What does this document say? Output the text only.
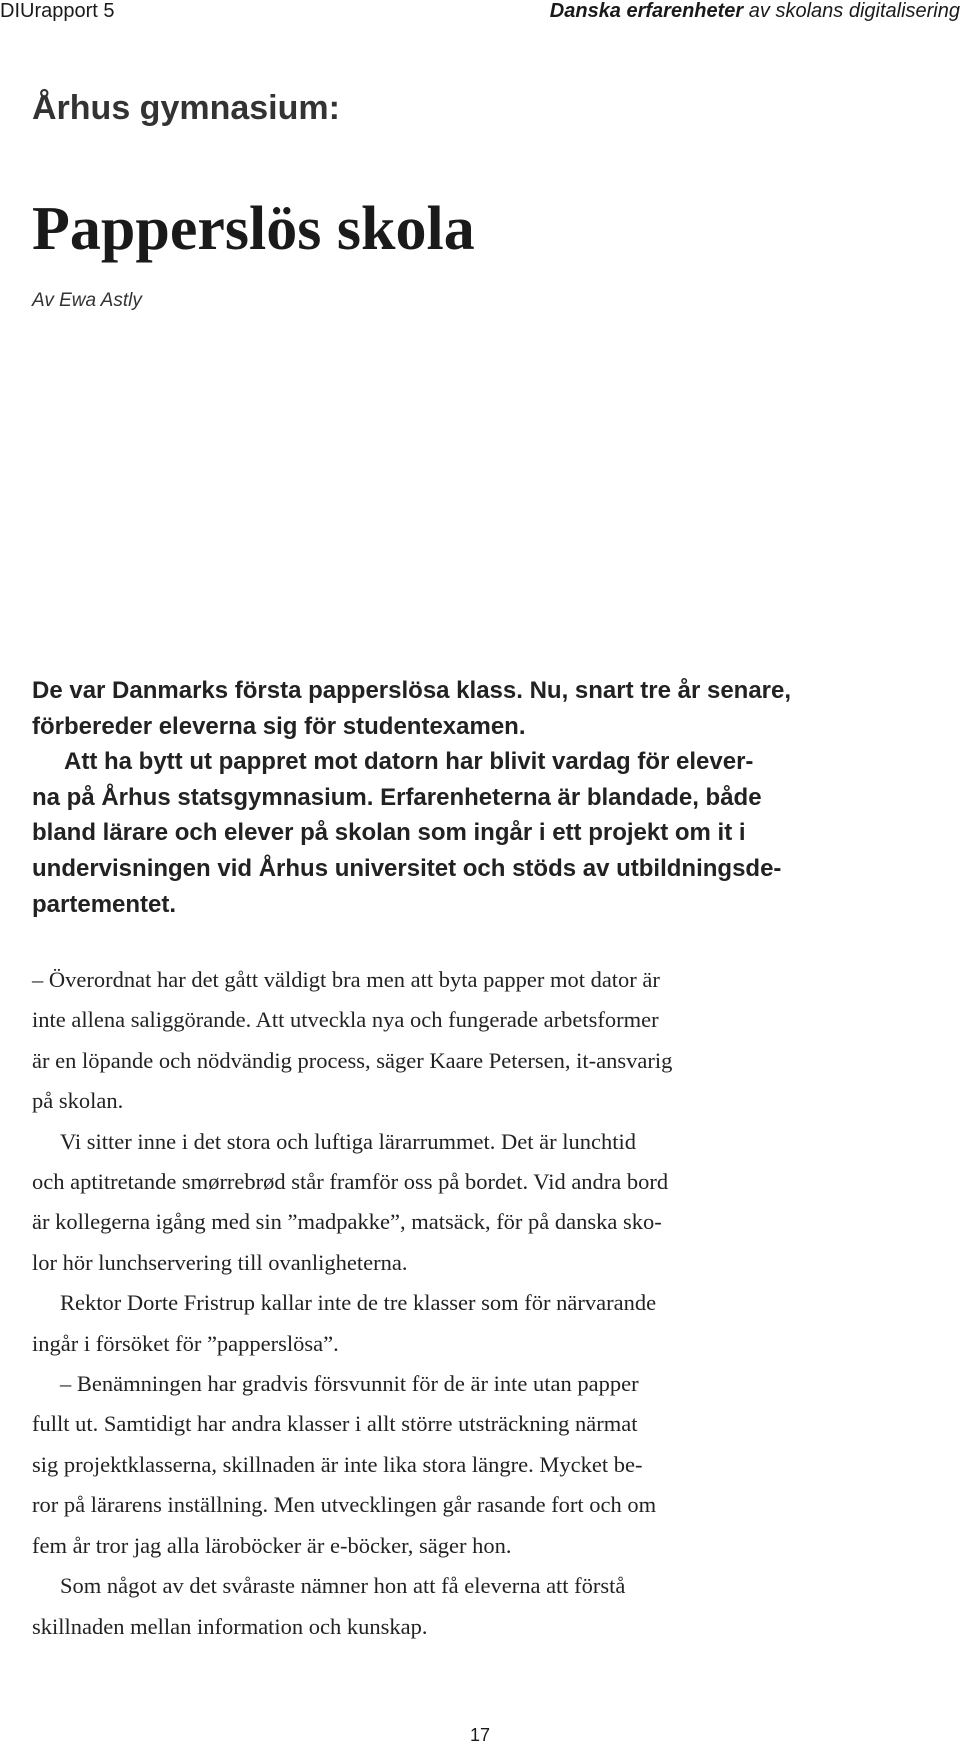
DIUrapport 5	Danska erfarenheter av skolans digitalisering
Århus gymnasium:
Papperslös skola
Av Ewa Astly
De var Danmarks första papperslösa klass. Nu, snart tre år senare,
förbereder eleverna sig för studentexamen.
Att ha bytt ut pappret mot datorn har blivit vardag för elever-
na på Århus statsgymnasium. Erfarenheterna är blandade, både
bland lärare och elever på skolan som ingår i ett projekt om it i
undervisningen vid Århus universitet och stöds av utbildningsde-
partementet.
– Överordnat har det gått väldigt bra men att byta papper mot dator är
inte allena saliggörande. Att utveckla nya och fungerade arbetsformer
är en löpande och nödvändig process, säger Kaare Petersen, it-ansvarig
på skolan.
Vi sitter inne i det stora och luftiga lärarrummet. Det är lunchtid
och aptitretande smørrebrød står framför oss på bordet. Vid andra bord
är kollegerna igång med sin ”madpakke”, matsäck, för på danska sko-
lor hör lunchservering till ovanligheterna.
Rektor Dorte Fristrup kallar inte de tre klasser som för närvarande
ingår i försöket för ”papperslösa”.
– Benämningen har gradvis försvunnit för de är inte utan papper
fullt ut. Samtidigt har andra klasser i allt större utsträckning närmat
sig projektklasserna, skillnaden är inte lika stora längre. Mycket be-
ror på lärarens inställning. Men utvecklingen går rasande fort och om
fem år tror jag alla läroböcker är e-böcker, säger hon.
Som något av det svåraste nämner hon att få eleverna att förstå
skillnaden mellan information och kunskap.
17
